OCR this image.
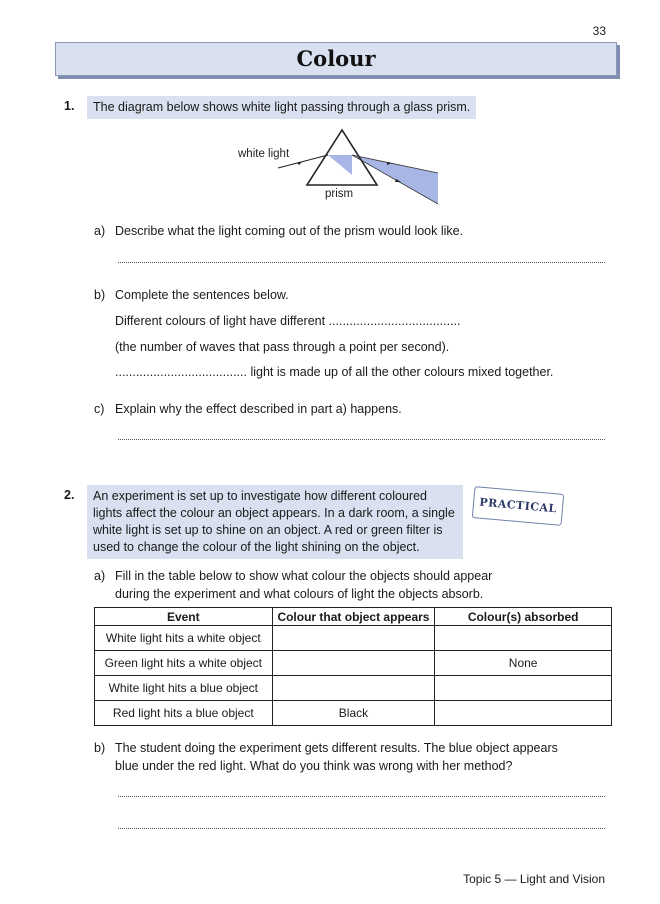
33
Colour
1.	The diagram below shows white light passing through a glass prism.
white light
prism
a) Describe what the light coming out of the prism would look like.
b) Complete the sentences below.
Different colours of light have different ......................................
(the number of waves that pass through a point per second).
...................................... light is made up of all the other colours mixed together.
c) Explain why the effect described in part a) happens.
2. An experiment is set up to investigate how different coloured
lights affect the colour an object appears. In a dark room, a single
white light is set up to shine on an object. A red or green filter is
used to change the colour of the light shining on the object.
PRACTICAL
a) Fill in the table below to show what colour the objects should appear
during the experiment and what colours of light the objects absorb.
Event	Colour that object appears	Colour(s) absorbed
White light hits a white object		
Green light hits a white object		None
White light hits a blue object		
Red light hits a blue object	Black	
b) The student doing the experiment gets different results. The blue object appears
blue under the red light. What do you think was wrong with her method?
Topic 5 — Light and Vision
